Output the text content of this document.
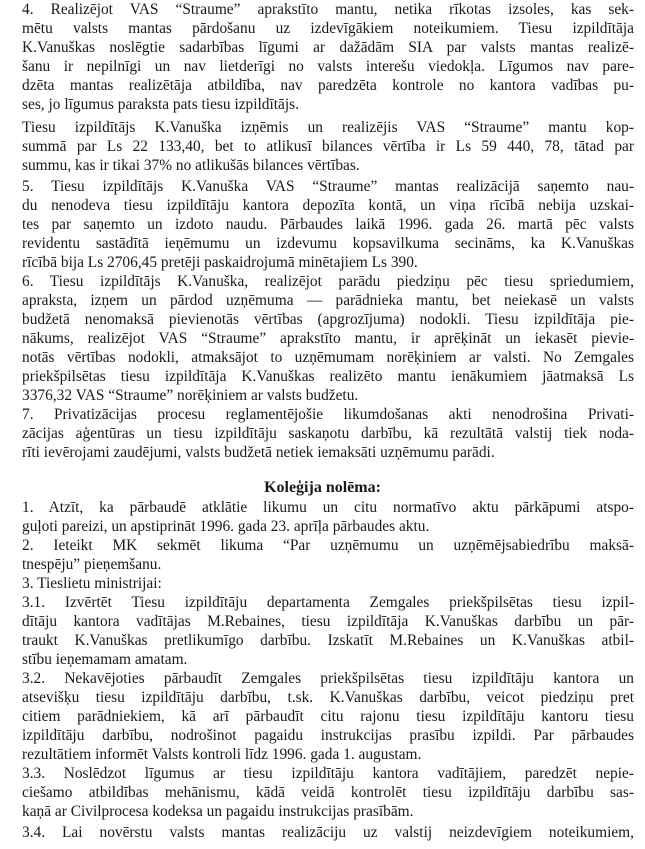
4. Realizējot VAS “Straume” aprakstīto mantu, netika rīkotas izsoles, kas sek-
mētu valsts mantas pārdošanu uz izdevīgākiem noteikumiem. Tiesu izpildītāja
K.Vanuškas noslēgtie sadarbības līgumi ar dažādām SIA par valsts mantas realizē-
šanu ir nepilnīgi un nav lietderīgi no valsts interešu viedokļa. Līgumos nav pare-
dzēta mantas realizētāja atbildība, nav paredzēta kontrole no kantora vadības pu-
ses, jo līgumus paraksta pats tiesu izpildītājs.

Tiesu izpildītājs K.Vanuška izņēmis un realizējis VAS “Straume” mantu kop-
summā par Ls 22 133,40, bet to atlikusī bilances vērtība ir Ls 59 440, 78, tātad par
summu, kas ir tikai 37% no atlikušās bilances vērtības.

5. Tiesu izpildītājs K.Vanuška VAS “Straume” mantas realizācijā saņemto nau-
du nenodeva tiesu izpildītāju kantora depozīta kontā, un viņa rīcībā nebija uzskai-
tes par saņemto un izdoto naudu. Pārbaudes laikā 1996. gada 26. martā pēc valsts
revidentu sastādītā ieņēmumu un izdevumu kopsavilkuma secināms, ka K.Vanuškas
rīcībā bija Ls 2706,45 pretēji paskaidrojumā minētajiem Ls 390.

6. Tiesu izpildītājs K.Vanuška, realizējot parādu piedziņu pēc tiesu spriedumiem,
apraksta, izņem un pārdod uzņēmuma — parādnieka mantu, bet neiekasē un valsts
budžetā nenomaksā pievienotās vērtības (apgrozījuma) nodokli. Tiesu izpildītāja pie-
nākums, realizējot VAS “Straume” aprakstīto mantu, ir aprēķināt un iekasēt pievie-
notās vērtības nodokli, atmaksājot to uzņēmumam norēķiniem ar valsti. No Zemgales
priekšpilsētas tiesu izpildītāja K.Vanuškas realizēto mantu ienākumiem jāatmaksā Ls
3376,32 VAS “Straume” norēķiniem ar valsts budžetu.

7. Privatizācijas procesu reglamentējošie likumdošanas akti nenodrošina Privati-
zācijas aģentūras un tiesu izpildītāju saskaņotu darbību, kā rezultātā valstij tiek noda-
rīti ievērojami zaudējumi, valsts budžetā netiek iemaksāti uzņēmumu parādi.

Koleģija nolēma:

1. Atzīt, ka pārbaudē atklātie likumu un citu normatīvo aktu pārkāpumi atspo-
guļoti pareizi, un apstiprināt 1996. gada 23. aprīļa pārbaudes aktu.

2. Ieteikt MK sekmēt likuma “Par uzņēmumu un uzņēmējsabiedrību maksā-
tnespēju” pieņemšanu.

3. Tieslietu ministrijai:

3.1. Izvērtēt Tiesu izpildītāju departamenta Zemgales priekšpilsētas tiesu izpil-
dītāju kantora vadītājas M.Rebaines, tiesu izpildītāja K.Vanuškas darbību un pār-
traukt K.Vanuškas pretlikumīgo darbību. Izskatīt M.Rebaines un K.Vanuškas atbil-
stību ieņemamam amatam.

3.2. Nekavējoties pārbaudīt Zemgales priekšpilsētas tiesu izpildītāju kantora un
atsevišķu tiesu izpildītāju darbību, t.sk. K.Vanuškas darbību, veicot piedziņu pret
citiem parādniekiem, kā arī pārbaudīt citu rajonu tiesu izpildītāju kantoru tiesu
izpildītāju darbību, nodrošinot pagaidu instrukcijas prasību izpildi. Par pārbaudes
rezultātiem informēt Valsts kontroli līdz 1996. gada 1. augustam.

3.3. Noslēdzot līgumus ar tiesu izpildītāju kantora vadītājiem, paredzēt nepie-
ciešamo atbildības mehānismu, kādā veidā kontrolēt tiesu izpildītāju darbību sas-
kaņā ar Civilprocesa kodeksa un pagaidu instrukcijas prasībām.

3.4. Lai novērstu valsts mantas realizāciju uz valstij neizdevīgiem noteikumiem,
